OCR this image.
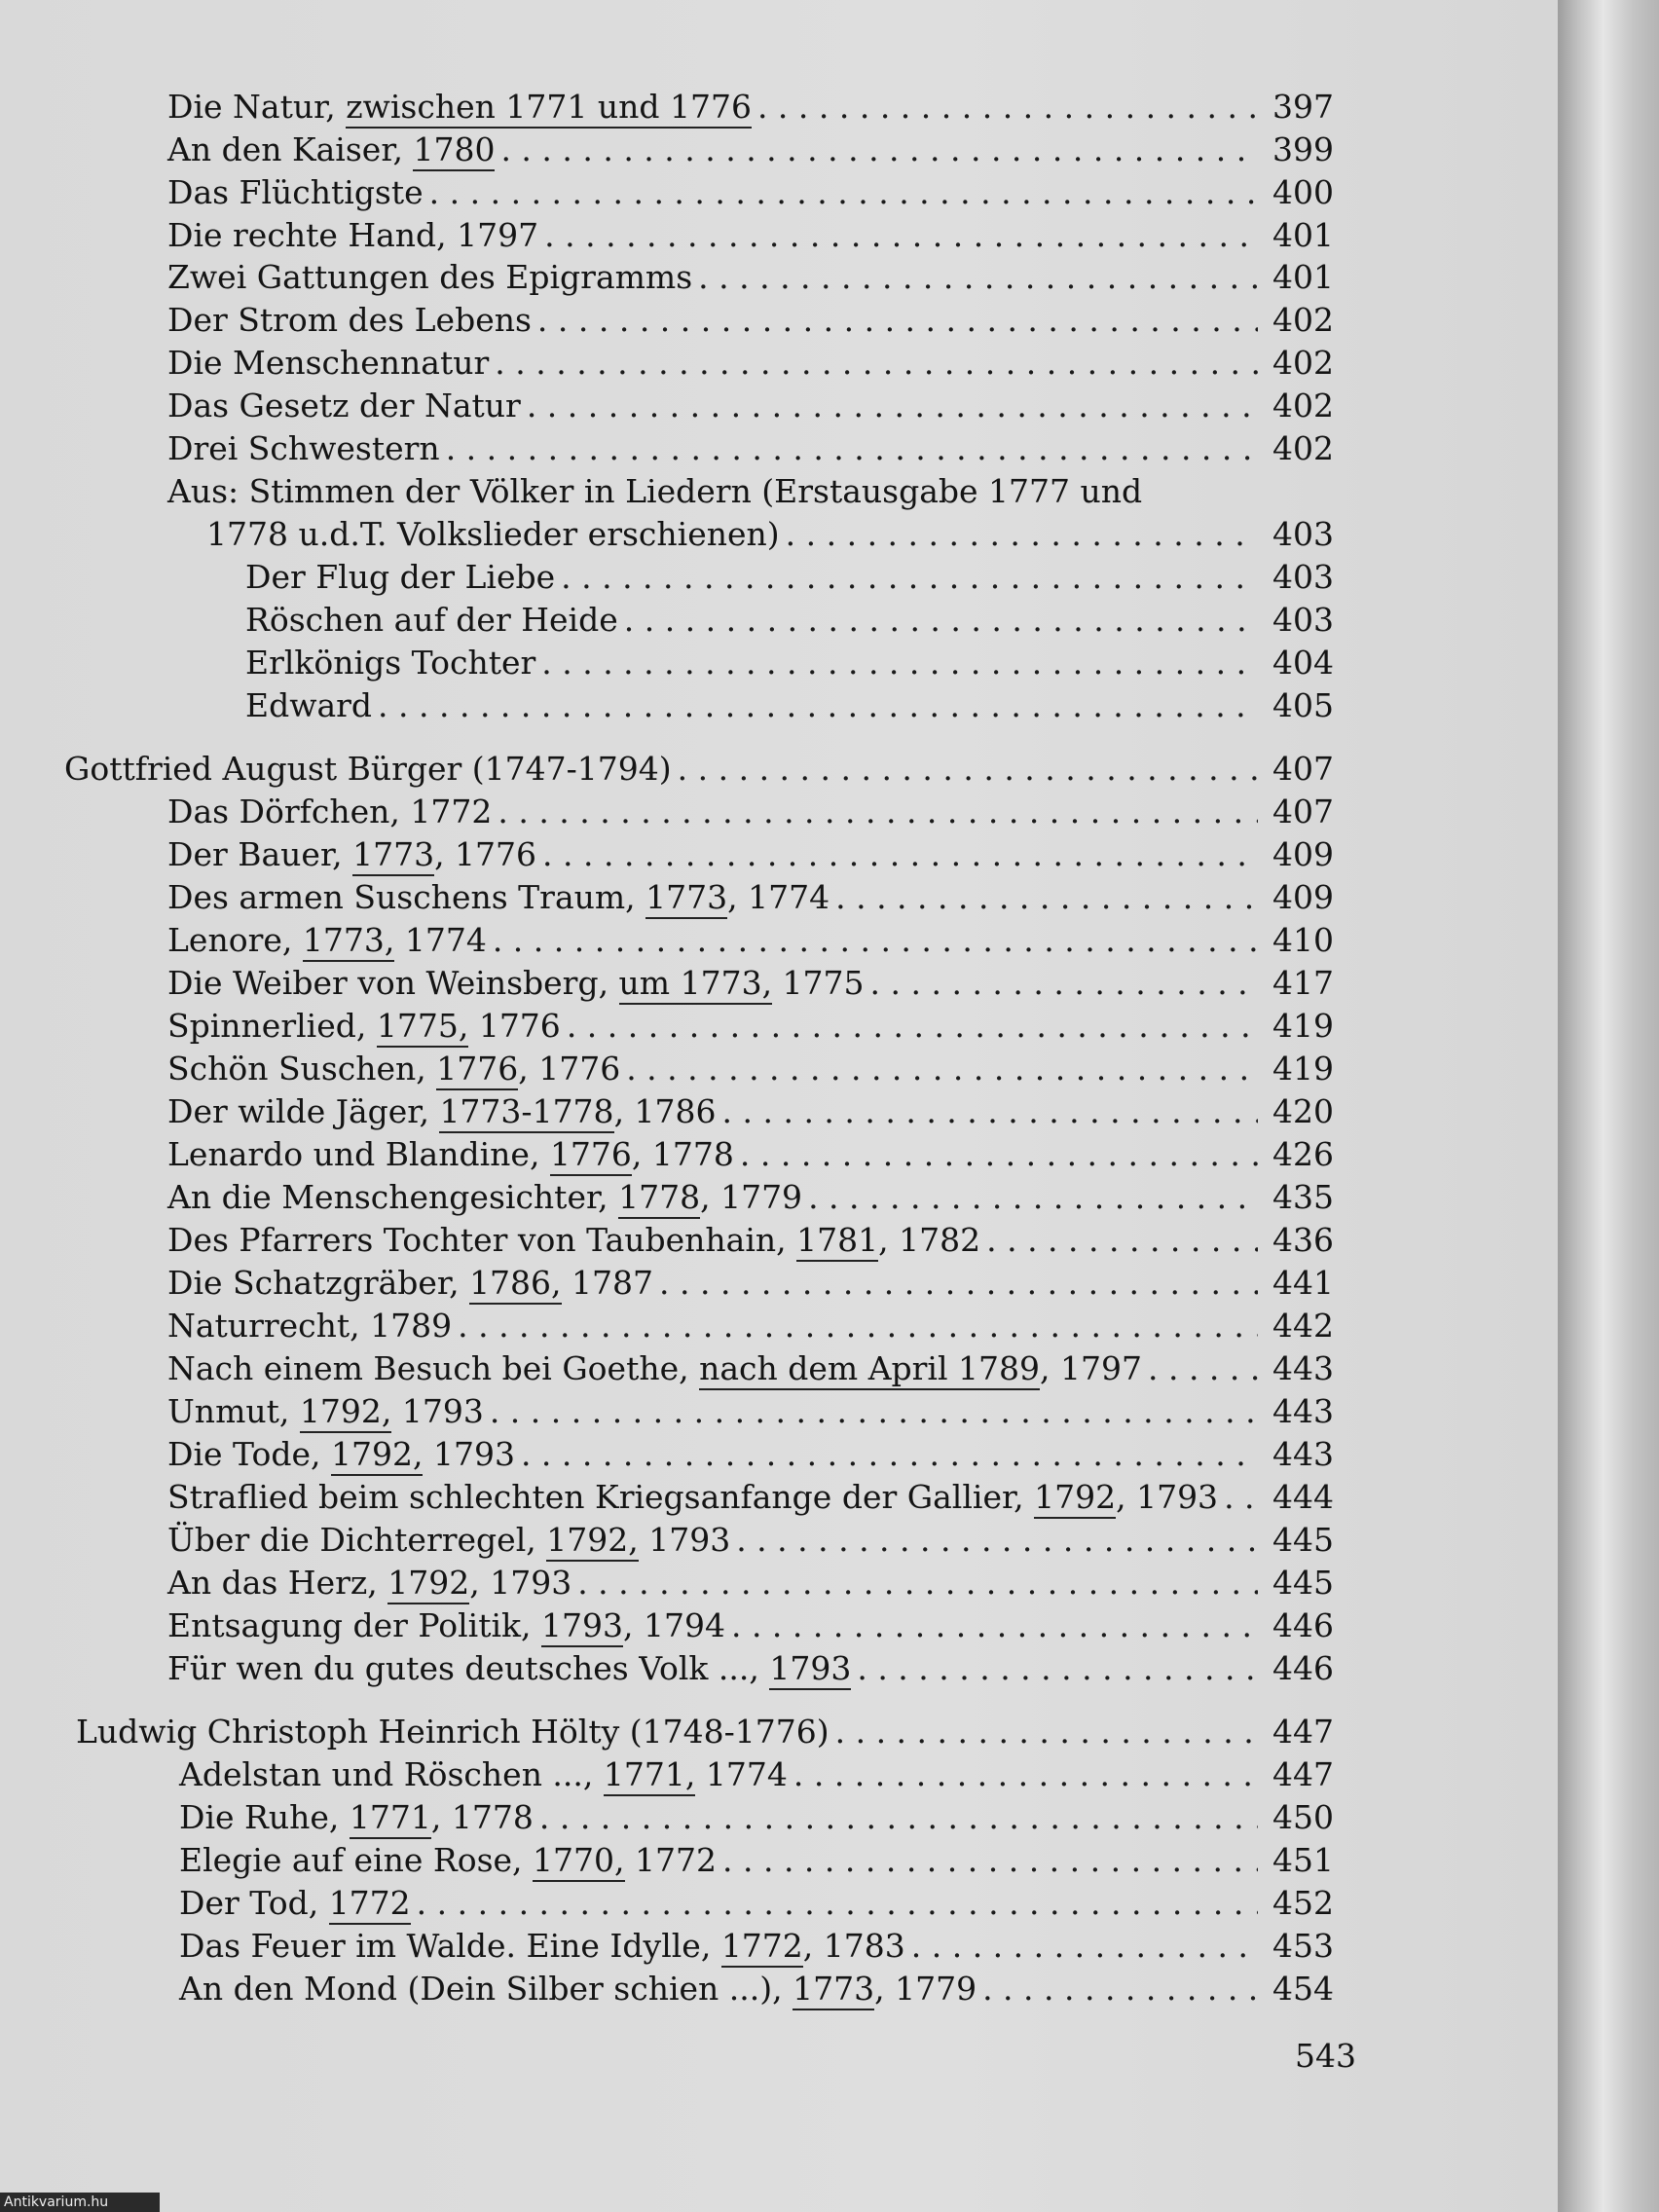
Die Natur, zwischen 1771 und 1776 . . .	397
An den Kaiser, 1780 . . .	399
Das Flüchtigste . . .	400
Die rechte Hand, 1797 . . .	401
Zwei Gattungen des Epigramms . . .	401
Der Strom des Lebens . . .	402
Die Menschennatur . . .	402
Das Gesetz der Natur . . .	402
Drei Schwestern . . .	402
Aus: Stimmen der Völker in Liedern (Erstausgabe 1777 und
1778 u.d.T. Volkslieder erschienen) . . .	403
Der Flug der Liebe . . .	403
Röschen auf der Heide . . .	403
Erlkönigs Tochter . . .	404
Edward . . .	405
Gottfried August Bürger (1747-1794) . . .	407
Das Dörfchen, 1772 . . .	407
Der Bauer, 1773, 1776 . . .	409
Des armen Suschens Traum, 1773, 1774 . . .	409
Lenore, 1773, 1774 . . .	410
Die Weiber von Weinsberg, um 1773, 1775 . . .	417
Spinnerlied, 1775, 1776 . . .	419
Schön Suschen, 1776, 1776 . . .	419
Der wilde Jäger, 1773-1778, 1786 . . .	420
Lenardo und Blandine, 1776, 1778 . . .	426
An die Menschengesichter, 1778, 1779 . . .	435
Des Pfarrers Tochter von Taubenhain, 1781, 1782 . . .	436
Die Schatzgräber, 1786, 1787 . . .	441
Naturrecht, 1789 . . .	442
Nach einem Besuch bei Goethe, nach dem April 1789, 1797 . . .	443
Unmut, 1792, 1793 . . .	443
Die Tode, 1792, 1793 . . .	443
Straflied beim schlechten Kriegsanfange der Gallier, 1792, 1793 . . . 444
Über die Dichterregel, 1792, 1793 . . .	445
An das Herz, 1792, 1793 . . .	445
Entsagung der Politik, 1793, 1794 . . .	446
Für wen du gutes deutsches Volk ..., 1793 . . .	446
Ludwig Christoph Heinrich Hölty (1748-1776) . . .	447
Adelstan und Röschen ..., 1771, 1774 . . .	447
Die Ruhe, 1771, 1778 . . .	450
Elegie auf eine Rose, 1770, 1772 . . .	451
Der Tod, 1772 . . .	452
Das Feuer im Walde. Eine Idylle, 1772, 1783 . . .	453
An den Mond (Dein Silber schien ...), 1773, 1779 . . .	454
543
Antikvarium.hu
